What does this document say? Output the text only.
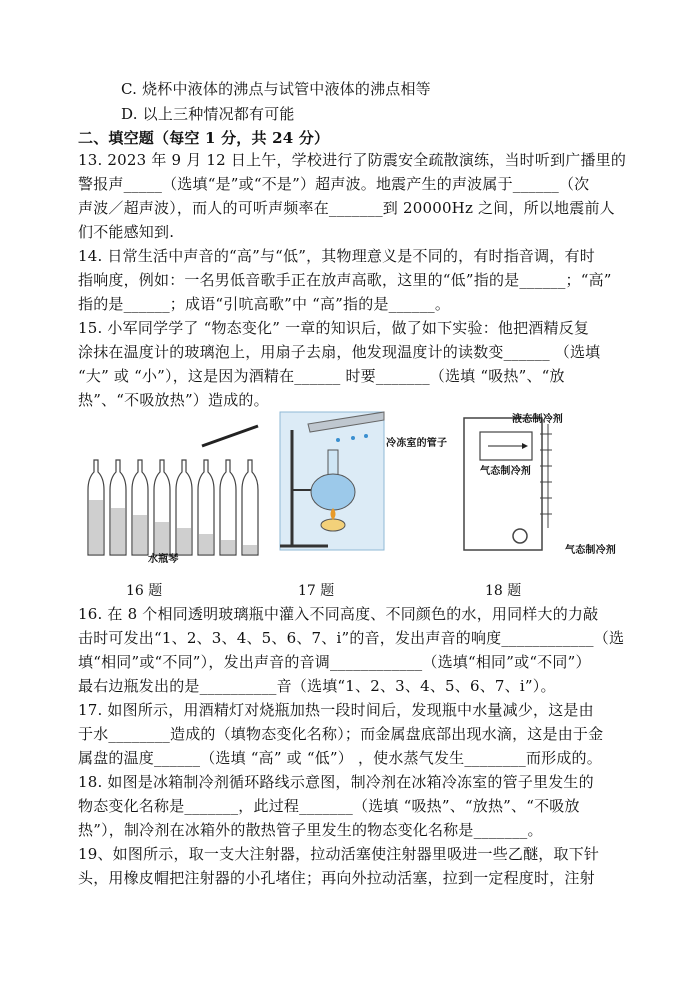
C. 烧杯中液体的沸点与试管中液体的沸点相等
D. 以上三种情况都有可能
二、填空题（每空 1 分，共 24 分）
13. 2023 年 9 月 12 日上午，学校进行了防震安全疏散演练，当时听到广播里的
警报声_____（选填“是”或“不是”）超声波。地震产生的声波属于______（次
声波／超声波），而人的可听声频率在_______到 20000Hz 之间，所以地震前人
们不能感知到.
14. 日常生活中声音的“高”与“低”，其物理意义是不同的，有时指音调，有时
指响度，例如：一名男低音歌手正在放声高歌，这里的“低”指的是______；“高”
指的是______；成语“引吭高歌”中 “高”指的是______。
15. 小军同学学了 “物态变化” 一章的知识后，做了如下实验：他把酒精反复
涂抹在温度计的玻璃泡上，用扇子去扇，他发现温度计的读数变______ （选填
“大” 或 “小”），这是因为酒精在______ 时要_______（选填 “吸热”、“放
热”、“不吸放热”）造成的。
水瓶琴
液态制冷剂
冷冻室的管子
气态制冷剂
气态制冷剂
16 题	17 题	18 题
16. 在 8 个相同透明玻璃瓶中灌入不同高度、不同颜色的水，用同样大的力敲
击时可发出“1、2、3、4、5、6、7、i”的音，发出声音的响度____________（选
填“相同”或“不同”），发出声音的音调____________（选填“相同”或“不同”）
最右边瓶发出的是__________音（选填“1、2、3、4、5、6、7、i”）。
17. 如图所示，用酒精灯对烧瓶加热一段时间后，发现瓶中水量减少，这是由
于水________造成的（填物态变化名称）；而金属盘底部出现水滴，这是由于金
属盘的温度______（选填 “高” 或 “低”） ，使水蒸气发生________而形成的。
18. 如图是冰箱制冷剂循环路线示意图，制冷剂在冰箱冷冻室的管子里发生的
物态变化名称是_______，此过程_______（选填 “吸热”、“放热”、“不吸放
热”），制冷剂在冰箱外的散热管子里发生的物态变化名称是_______。
19、如图所示，取一支大注射器，拉动活塞使注射器里吸进一些乙醚，取下针
头，用橡皮帽把注射器的小孔堵住；再向外拉动活塞，拉到一定程度时，注射
